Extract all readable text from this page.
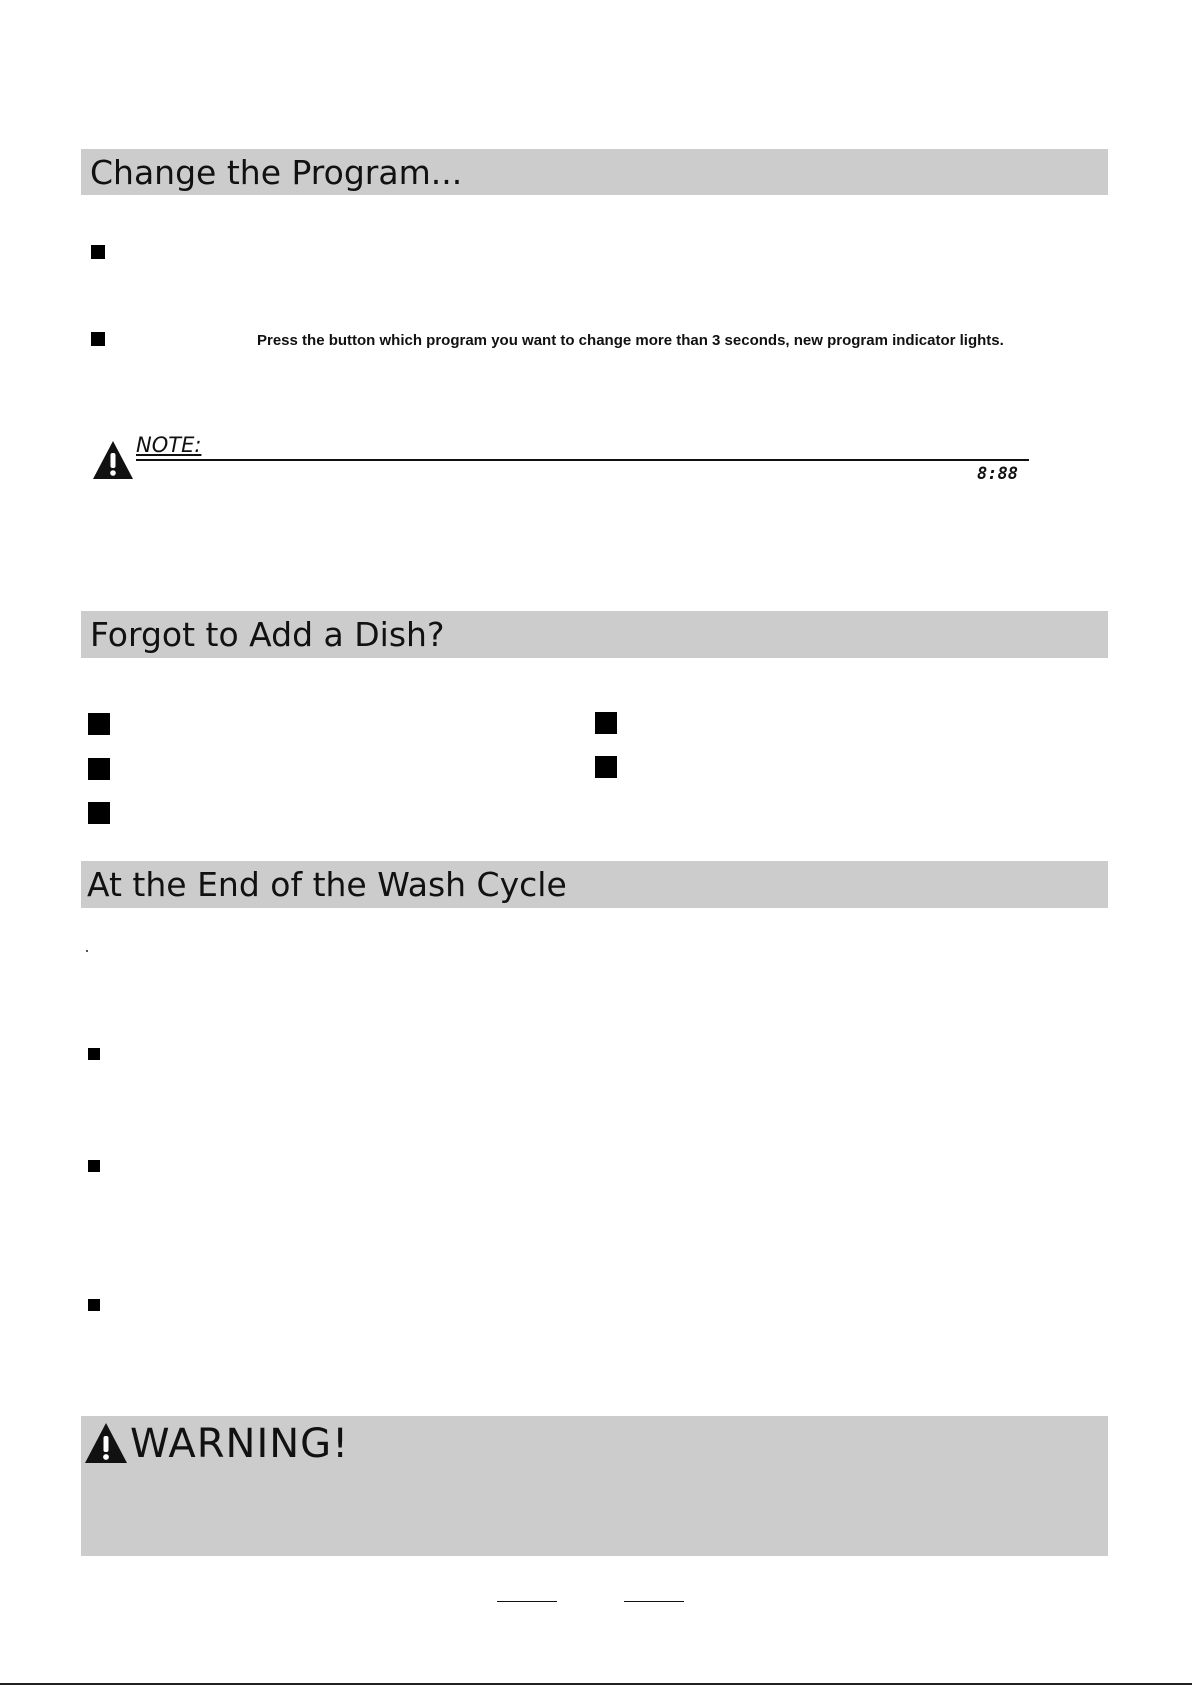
Change the Program...
Press the button which program you want to change more than 3 seconds, new program indicator lights.
NOTE:
8:88
Forgot to Add a Dish?
At the End of the Wash Cycle
WARNING!
